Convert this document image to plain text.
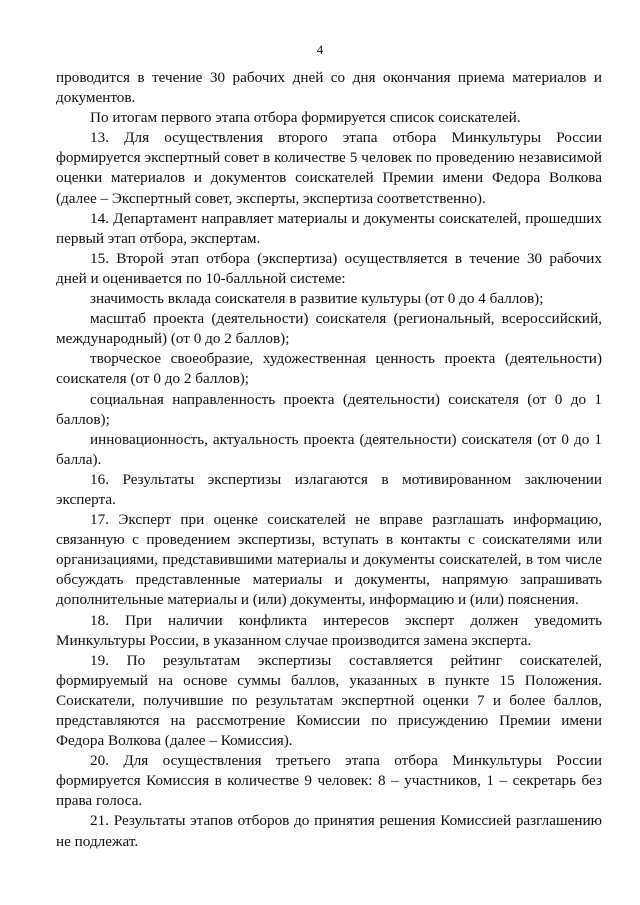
4

проводится в течение 30 рабочих дней со дня окончания приема материалов и документов.

По итогам первого этапа отбора формируется список соискателей.

13. Для осуществления второго этапа отбора Минкультуры России формируется экспертный совет в количестве 5 человек по проведению независимой оценки материалов и документов соискателей Премии имени Федора Волкова (далее – Экспертный совет, эксперты, экспертиза соответственно).

14. Департамент направляет материалы и документы соискателей, прошедших первый этап отбора, экспертам.

15. Второй этап отбора (экспертиза) осуществляется в течение 30 рабочих дней и оценивается по 10-балльной системе:

значимость вклада соискателя в развитие культуры (от 0 до 4 баллов);

масштаб проекта (деятельности) соискателя (региональный, всероссийский, международный) (от 0 до 2 баллов);

творческое своеобразие, художественная ценность проекта (деятельности) соискателя (от 0 до 2 баллов);

социальная направленность проекта (деятельности) соискателя (от 0 до 1 баллов);

инновационность, актуальность проекта (деятельности) соискателя (от 0 до 1 балла).

16. Результаты экспертизы излагаются в мотивированном заключении эксперта.

17. Эксперт при оценке соискателей не вправе разглашать информацию, связанную с проведением экспертизы, вступать в контакты с соискателями или организациями, представившими материалы и документы соискателей, в том числе обсуждать представленные материалы и документы, напрямую запрашивать дополнительные материалы и (или) документы, информацию и (или) пояснения.

18. При наличии конфликта интересов эксперт должен уведомить Минкультуры России, в указанном случае производится замена эксперта.

19. По результатам экспертизы составляется рейтинг соискателей, формируемый на основе суммы баллов, указанных в пункте 15 Положения. Соискатели, получившие по результатам экспертной оценки 7 и более баллов, представляются на рассмотрение Комиссии по присуждению Премии имени Федора Волкова (далее – Комиссия).

20. Для осуществления третьего этапа отбора Минкультуры России формируется Комиссия в количестве 9 человек: 8 – участников, 1 – секретарь без права голоса.

21. Результаты этапов отборов до принятия решения Комиссией разглашению не подлежат.
